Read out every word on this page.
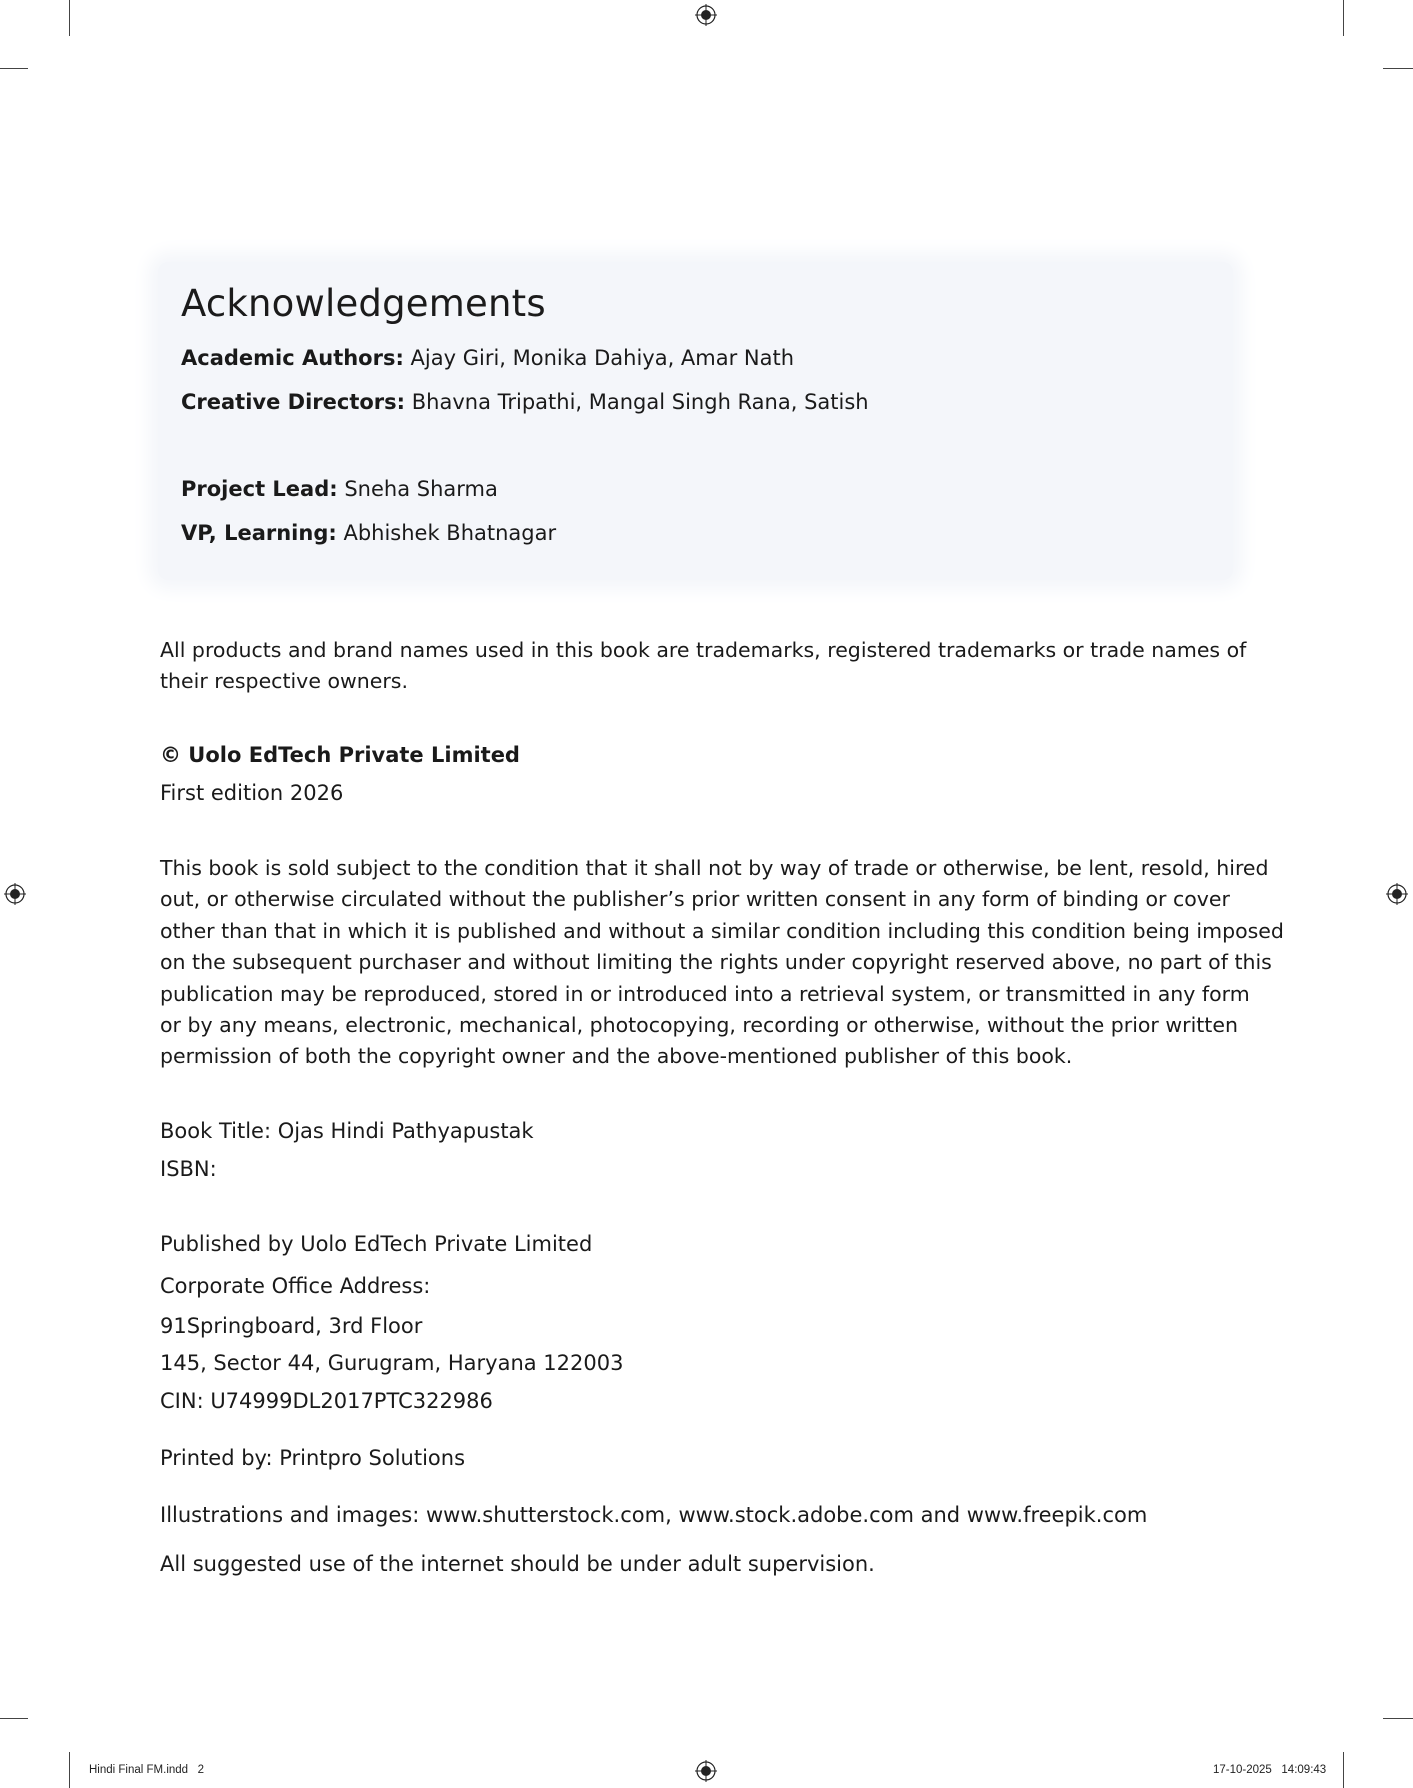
Acknowledgements
Academic Authors: Ajay Giri, Monika Dahiya, Amar Nath
Creative Directors: Bhavna Tripathi, Mangal Singh Rana, Satish
Project Lead: Sneha Sharma
VP, Learning: Abhishek Bhatnagar
All products and brand names used in this book are trademarks, registered trademarks or trade names of
their respective owners.
© Uolo EdTech Private Limited
First edition 2026
This book is sold subject to the condition that it shall not by way of trade or otherwise, be lent, resold, hired
out, or otherwise circulated without the publisher’s prior written consent in any form of binding or cover
other than that in which it is published and without a similar condition including this condition being imposed
on the subsequent purchaser and without limiting the rights under copyright reserved above, no part of this
publication may be reproduced, stored in or introduced into a retrieval system, or transmitted in any form
or by any means, electronic, mechanical, photocopying, recording or otherwise, without the prior written
permission of both the copyright owner and the above-mentioned publisher of this book.
Book Title: Ojas Hindi Pathyapustak
ISBN:
Published by Uolo EdTech Private Limited
Corporate Office Address:
91Springboard, 3rd Floor
145, Sector 44, Gurugram, Haryana 122003
CIN: U74999DL2017PTC322986
Printed by: Printpro Solutions
Illustrations and images: www.shutterstock.com, www.stock.adobe.com and www.freepik.com
All suggested use of the internet should be under adult supervision.
Hindi Final FM.indd   2	17-10-2025   14:09:43
